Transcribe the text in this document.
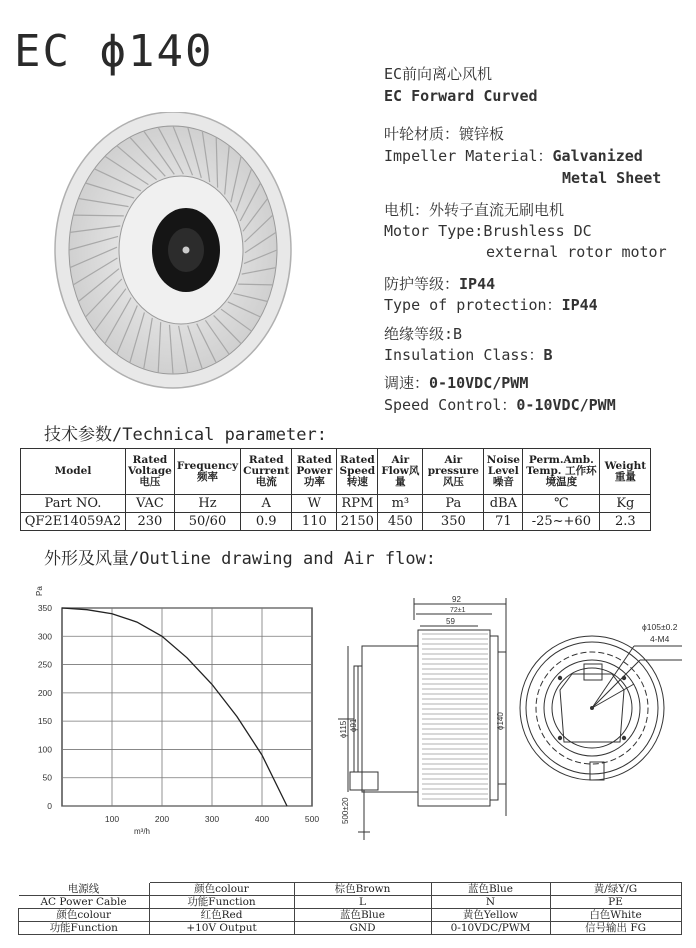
EC ϕ140	EC前向离心风机
EC Forward Curved
叶轮材质：镀锌板
Impeller Material：Galvanized
Metal Sheet
电机：外转子直流无刷电机
Motor Type:Brushless DC
external rotor motor
防护等级：IP44
Type of protection：IP44
绝缘等级:B
Insulation Class：B
调速：0-10VDC/PWM
Speed Control：0-10VDC/PWM
技术参数/Technical parameter:
Model	Rated Voltage 电压	Frequency 频率	Rated Current 电流	Rated Power 功率	Rated Speed 转速	Air Flow风 量	Air pressure 风压	Noise Level 噪音	Perm.Amb. Temp. 工作环境温度	Weight 重量
Part NO.	VAC	Hz	A	W	RPM	m³	Pa	dBA	℃	Kg
QF2E14059A2	230	50/60	0.9	110	2150	450	350	71	-25~+60	2.3
外形及风量/Outline drawing and Air flow:
0
50
100
150
200
250
300
350
100	200	300	400	500
Pa
m³/h
92
72±1
59
ϕ115 ϕ91	ϕ140
500±20
ϕ105±0.2
4-M4
电源线	颜色colour	棕色Brown	蓝色Blue	黄/绿Y/G
AC Power Cable	功能Function	L	N	PE
颜色colour	红色Red	蓝色Blue	黄色Yellow	白色White
功能Function	+10V Output	GND	0-10VDC/PWM	信号输出 FG
